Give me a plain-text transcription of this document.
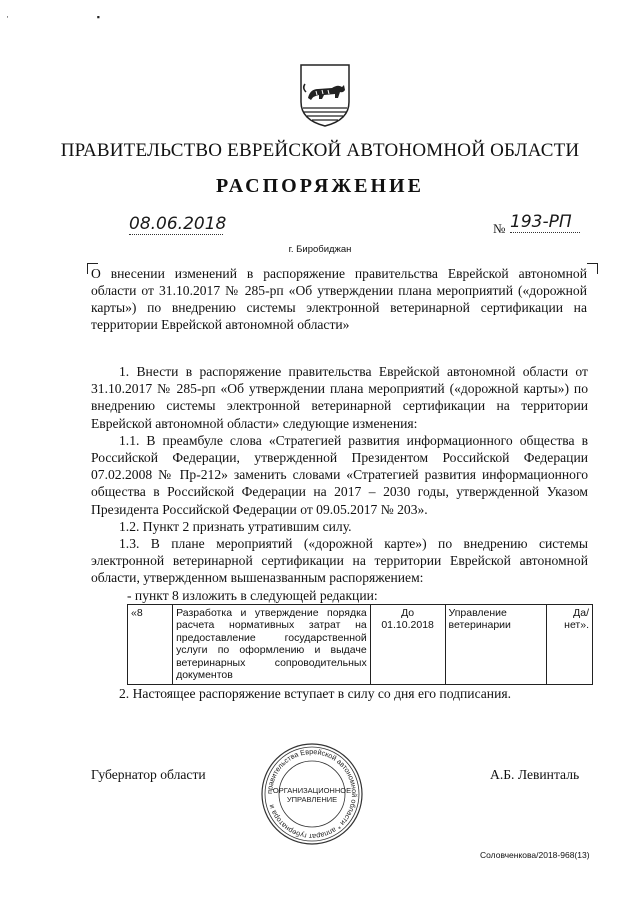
·                                       ▪
ПРАВИТЕЛЬСТВО ЕВРЕЙСКОЙ АВТОНОМНОЙ ОБЛАСТИ
РАСПОРЯЖЕНИЕ
08.06.2018	№ 193-РП
г. Биробиджан
О внесении изменений в распоряжение правительства Еврейской автономной области от 31.10.2017 № 285-рп «Об утверждении плана мероприятий («дорожной карты») по внедрению системы электронной ветеринарной сертификации на территории Еврейской автономной области»

1. Внести в распоряжение правительства Еврейской автономной области от 31.10.2017 № 285-рп «Об утверждении плана мероприятий («дорожной карты») по внедрению системы электронной ветеринарной сертификации на территории Еврейской автономной области» следующие изменения:

1.1. В преамбуле слова «Стратегией развития информационного общества в Российской Федерации, утвержденной Президентом Российской Федерации 07.02.2008 № Пр-212» заменить словами «Стратегией развития информационного общества в Российской Федерации на 2017 – 2030 годы, утвержденной Указом Президента Российской Федерации от 09.05.2017 № 203».

1.2. Пункт 2 признать утратившим силу.

1.3. В плане мероприятий («дорожной карте») по внедрению системы электронной ветеринарной сертификации на территории Еврейской автономной области, утвержденном вышеназванным распоряжением:

- пункт 8 изложить в следующей редакции:

«8	Разработка и утверждение порядка расчета нормативных затрат на предоставление государственной услуги по оформлению и выдаче ветеринарных сопроводительных документов	До 01.10.2018	Управление ветеринарии	Да/ нет».

2. Настоящее распоряжение вступает в силу со дня его подписания.

Губернатор области	А.Б. Левинталь
правительства Еврейской автономной области * аппарат губернатора и
ОРГАНИЗАЦИОННОЕ
УПРАВЛЕНИЕ
Соловченкова/2018-968(13)
